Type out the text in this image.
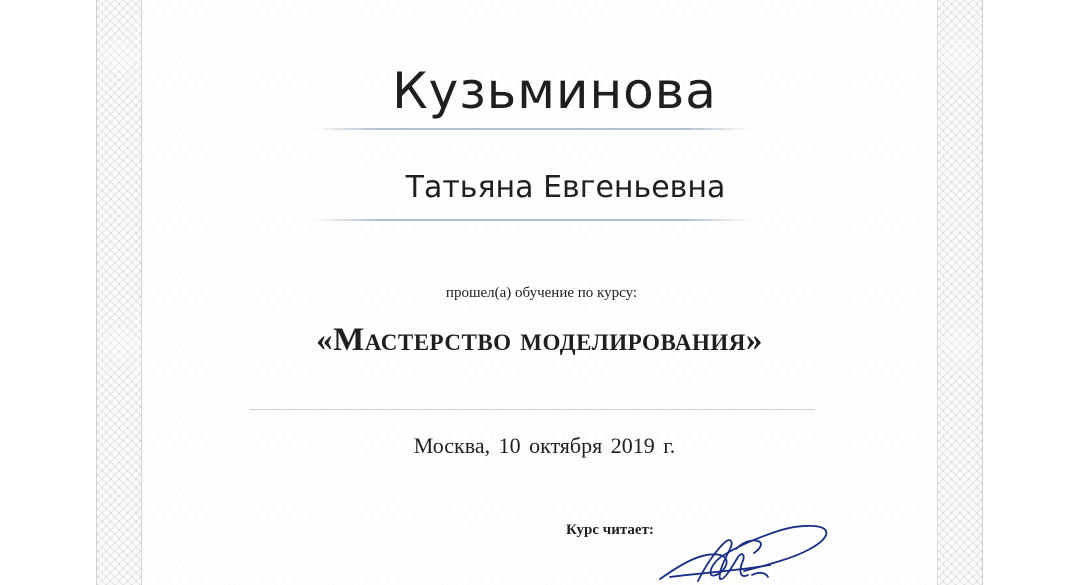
Кузьминова
Татьяна Евгеньевна
прошел(а) обучение по курсу:
«Мастерство моделирования»
Москва, 10 октября 2019 г.
Курс читает:
